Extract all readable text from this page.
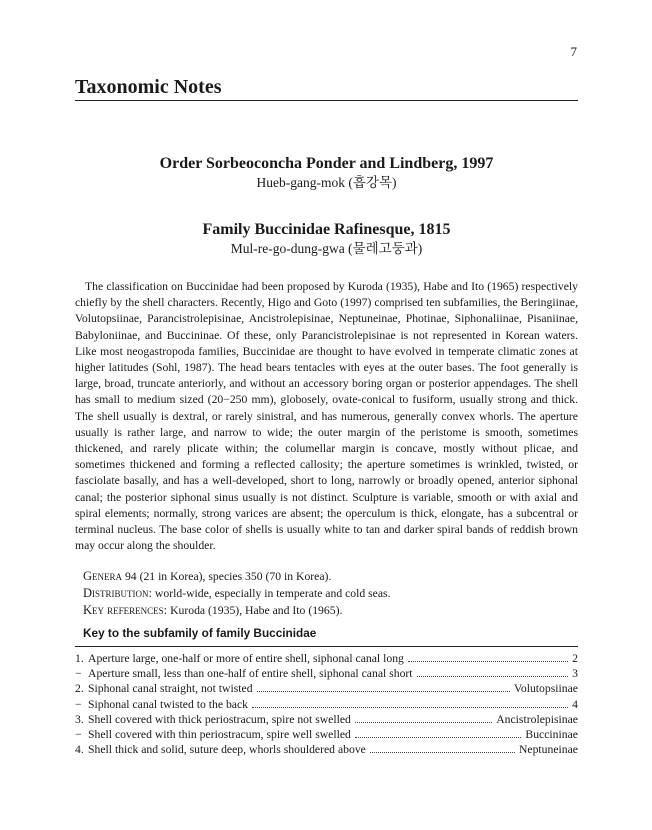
7
Taxonomic Notes
Order Sorbeoconcha Ponder and Lindberg, 1997
Hueb-gang-mok (흡강목)
Family Buccinidae Rafinesque, 1815
Mul-re-go-dung-gwa (물레고둥과)

The classification on Buccinidae had been proposed by Kuroda (1935), Habe and Ito (1965) respectively chiefly by the shell characters. Recently, Higo and Goto (1997) comprised ten subfamilies, the Beringiinae, Volutopsiinae, Parancistrolepisinae, Ancistrolepisinae, Neptuneinae, Photinae, Siphonaliinae, Pisaniinae, Babyloniinae, and Buccininae. Of these, only Parancistrolepisinae is not represented in Korean waters. Like most neogastropoda families, Buccinidae are thought to have evolved in temperate climatic zones at higher latitudes (Sohl, 1987). The head bears tentacles with eyes at the outer bases. The foot generally is large, broad, truncate anteriorly, and without an accessory boring organ or posterior appendages. The shell has small to medium sized (20−250 mm), globosely, ovate-conical to fusiform, usually strong and thick. The shell usually is dextral, or rarely sinistral, and has numerous, generally convex whorls. The aperture usually is rather large, and narrow to wide; the outer margin of the peristome is smooth, sometimes thickened, and rarely plicate within; the columellar margin is concave, mostly without plicae, and sometimes thickened and forming a reflected callosity; the aperture sometimes is wrinkled, twisted, or fasciolate basally, and has a well-developed, short to long, narrowly or broadly opened, anterior siphonal canal; the posterior siphonal sinus usually is not distinct. Sculpture is variable, smooth or with axial and spiral elements; normally, strong varices are absent; the operculum is thick, elongate, has a subcentral or terminal nucleus. The base color of shells is usually white to tan and darker spiral bands of reddish brown may occur along the shoulder.

Genera 94 (21 in Korea), species 350 (70 in Korea).
Distribution: world-wide, especially in temperate and cold seas.
Key references: Kuroda (1935), Habe and Ito (1965).
Key to the subfamily of family Buccinidae
1. Aperture large, one-half or more of entire shell, siphonal canal long	2
− Aperture small, less than one-half of entire shell, siphonal canal short	3
2. Siphonal canal straight, not twisted	Volutopsiinae
− Siphonal canal twisted to the back	4
3. Shell covered with thick periostracum, spire not swelled	Ancistrolepisinae
− Shell covered with thin periostracum, spire well swelled	Buccininae
4. Shell thick and solid, suture deep, whorls shouldered above	Neptuneinae
